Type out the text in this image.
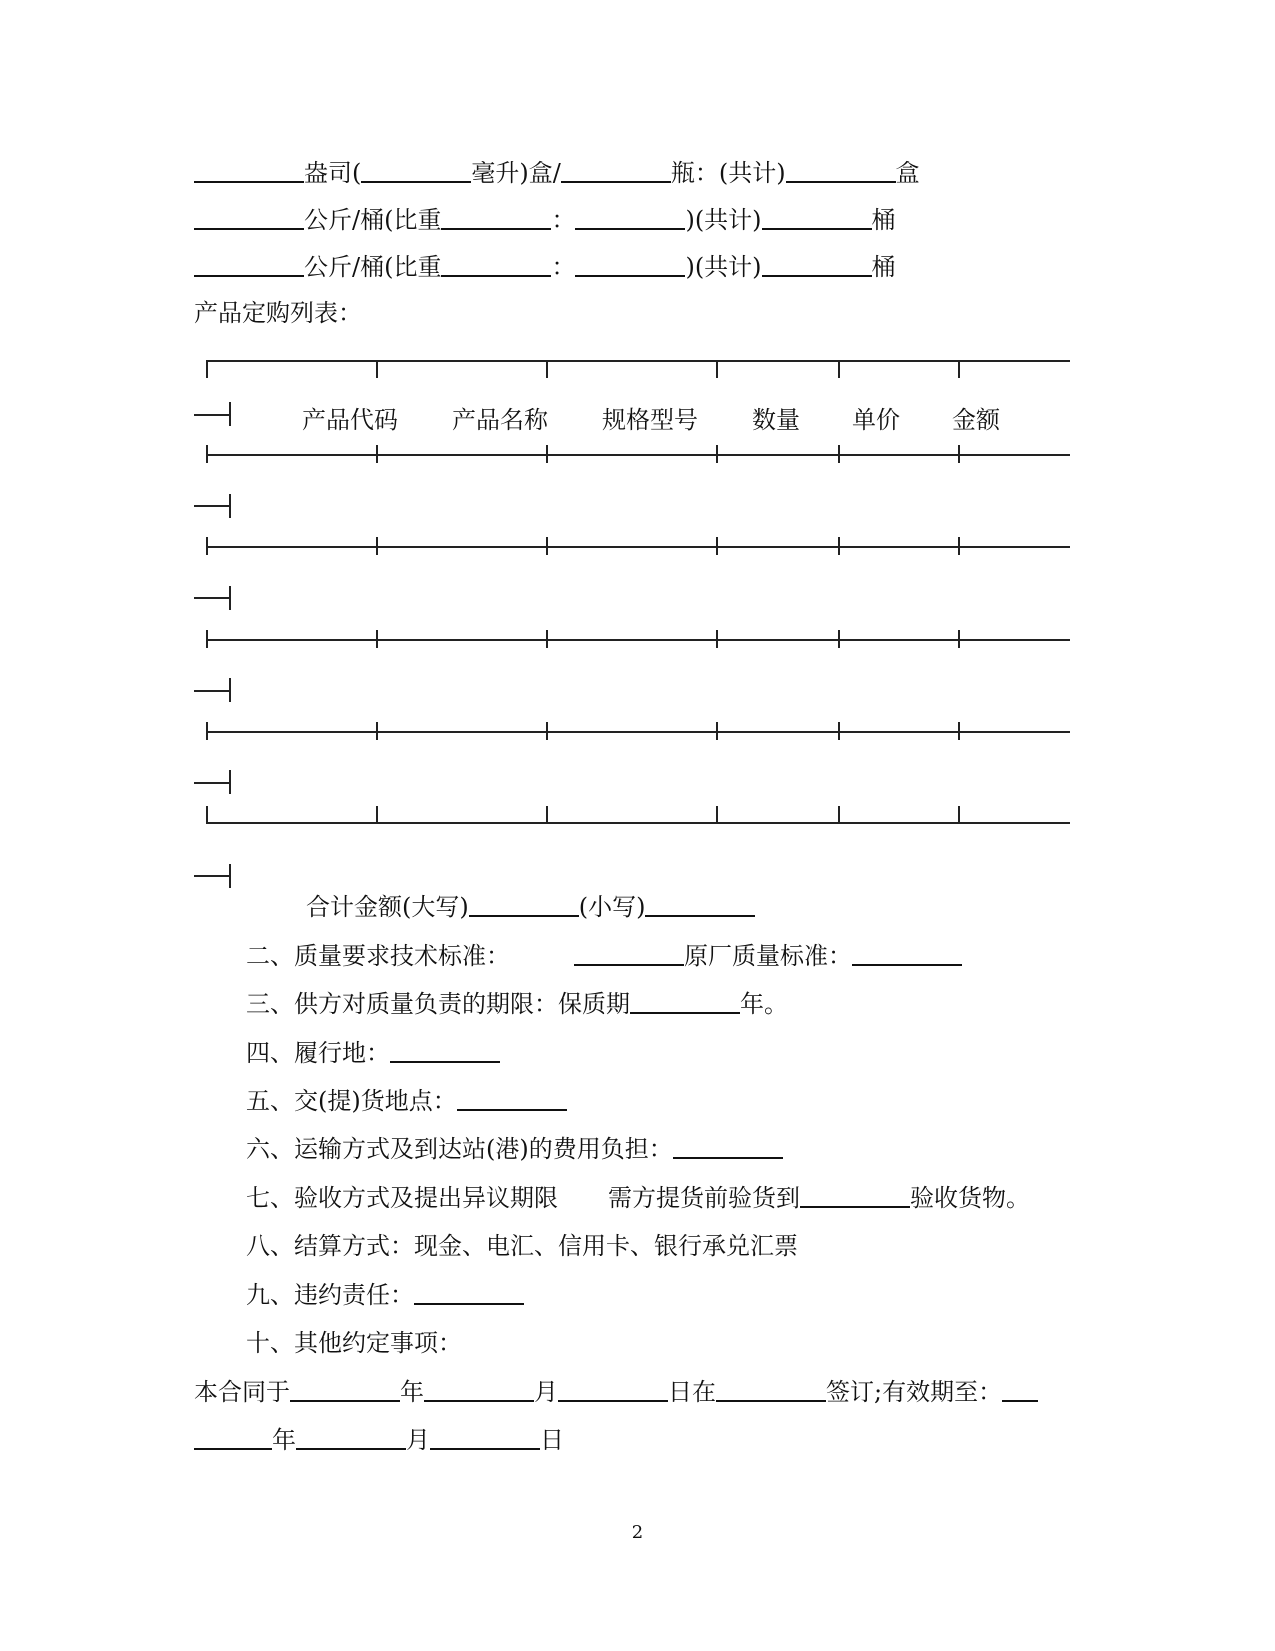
盎司(	毫升)盒/	瓶：(共计)	盒
公斤/桶(比重	：	)(共计)	桶
公斤/桶(比重	：	)(共计)	桶
产品定购列表：
产品代码 产品名称 规格型号 数量 单价 金额
合计金额(大写)	(小写)
二、质量要求技术标准：	原厂质量标准：
三、供方对质量负责的期限：保质期	年。
四、履行地：
五、交(提)货地点：
六、运输方式及到达站(港)的费用负担：
七、验收方式及提出异议期限 需方提货前验货到	验收货物。
八、结算方式：现金、电汇、信用卡、银行承兑汇票
九、违约责任：
十、其他约定事项：
本合同于	年	月	日在	签订;有效期至：
年	月	日
2
